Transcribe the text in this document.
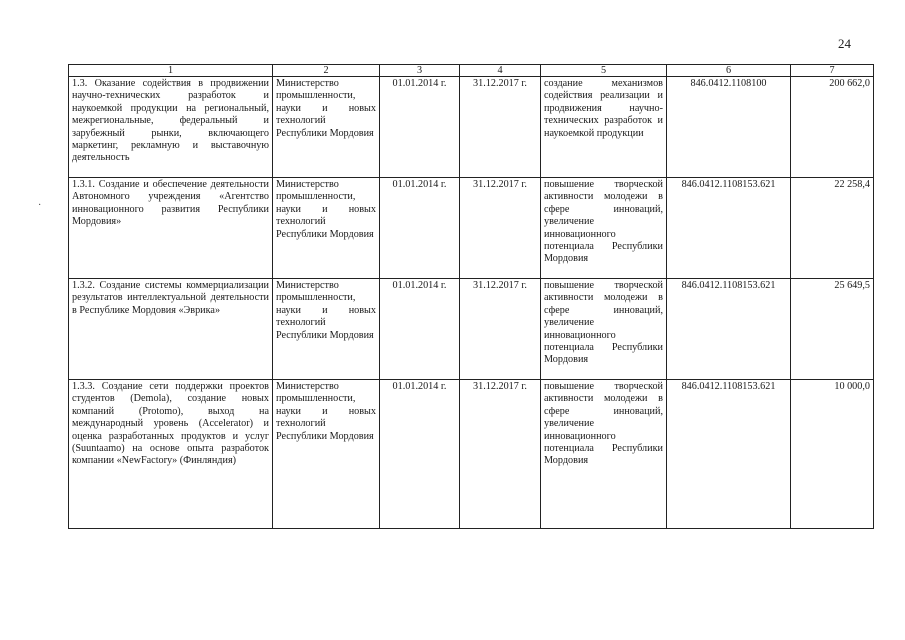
24
·
1	2	3	4	5	6	7
1.3. Оказание содействия в продвижении научно-технических разработок и наукоемкой продукции на региональный, межрегиональные, федеральный и зарубежный рынки, включающего маркетинг, рекламную и выставочную деятельность	Министерство промышленности, науки и новых технологий Республики Мордовия	01.01.2014 г.	31.12.2017 г.	создание механизмов содействия реализации и продвижения научно-технических разработок и наукоемкой продукции	846.0412.1108100	200 662,0
1.3.1. Создание и обеспечение деятельности Автономного учреждения «Агентство инновационного развития Республики Мордовия»	Министерство промышленности, науки и новых технологий Республики Мордовия	01.01.2014 г.	31.12.2017 г.	повышение творческой активности молодежи в сфере инноваций, увеличение инновационного потенциала Республики Мордовия	846.0412.1108153.621	22 258,4
1.3.2. Создание системы коммерциализации результатов интеллектуальной деятельности в Республике Мордовия «Эврика»	Министерство промышленности, науки и новых технологий Республики Мордовия	01.01.2014 г.	31.12.2017 г.	повышение творческой активности молодежи в сфере инноваций, увеличение инновационного потенциала Республики Мордовия	846.0412.1108153.621	25 649,5
1.3.3. Создание сети поддержки проектов студентов (Demola), создание новых компаний (Protomo), выход на международный уровень (Accelerator) и оценка разработанных продуктов и услуг (Suuntaamo) на основе опыта разработок компании «NewFactory» (Финляндия)	Министерство промышленности, науки и новых технологий Республики Мордовия	01.01.2014 г.	31.12.2017 г.	повышение творческой активности молодежи в сфере инноваций, увеличение инновационного потенциала Республики Мордовия	846.0412.1108153.621	10 000,0
